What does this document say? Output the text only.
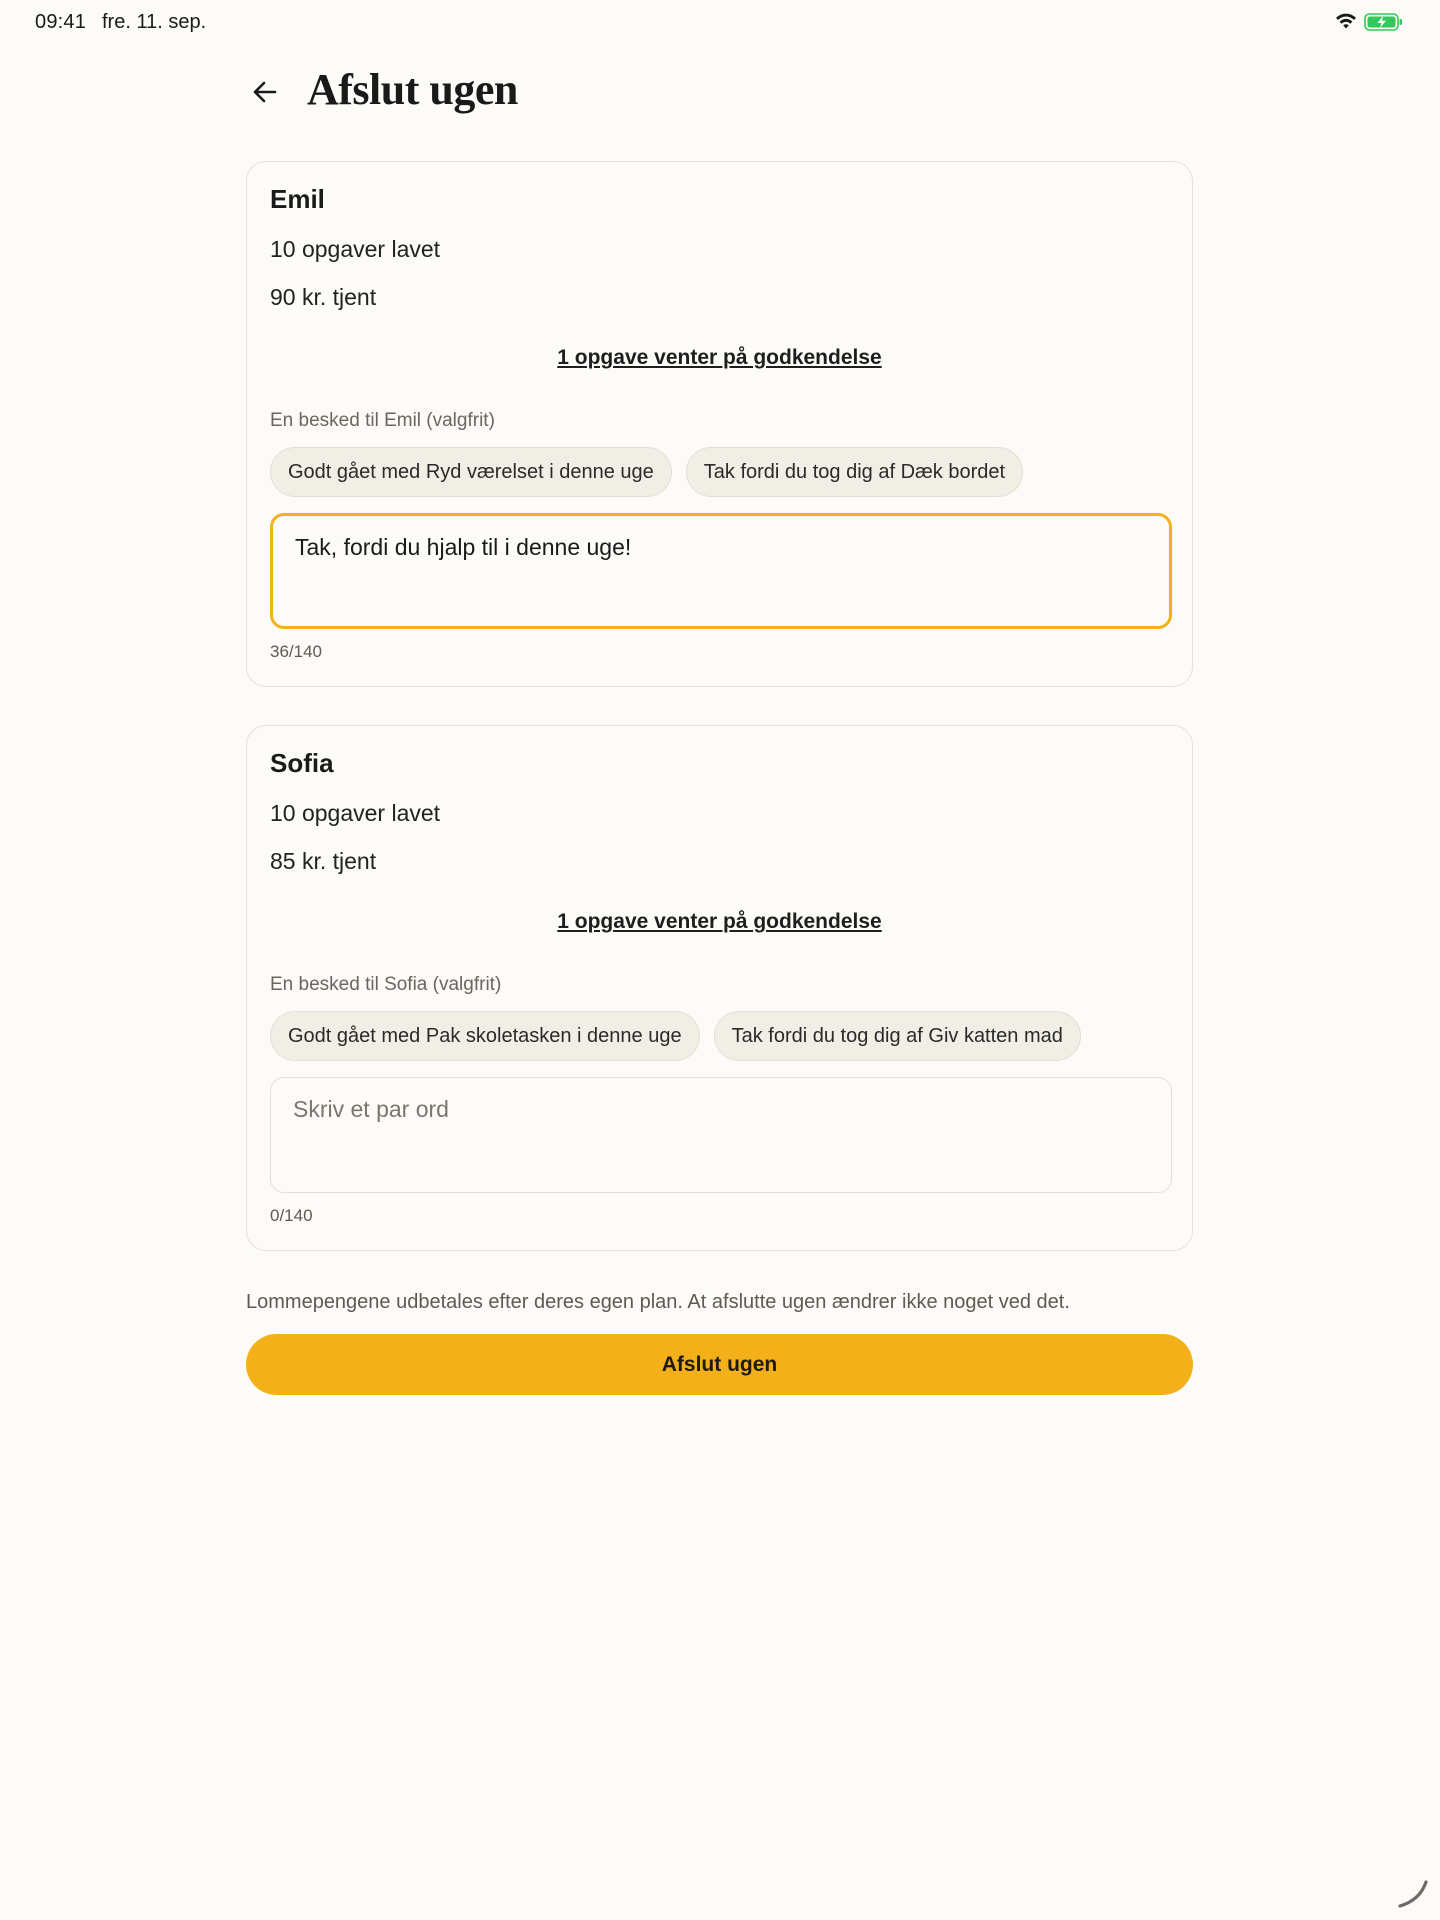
09:41 fre. 11. sep.
Afslut ugen
Emil
10 opgaver lavet
90 kr. tjent
1 opgave venter på godkendelse
En besked til Emil (valgfrit)
Godt gået med Ryd værelset i denne uge	Tak fordi du tog dig af Dæk bordet
Tak, fordi du hjalp til i denne uge!
36/140
Sofia
10 opgaver lavet
85 kr. tjent
1 opgave venter på godkendelse
En besked til Sofia (valgfrit)
Godt gået med Pak skoletasken i denne uge	Tak fordi du tog dig af Giv katten mad
Skriv et par ord
0/140
Lommepengene udbetales efter deres egen plan. At afslutte ugen ændrer ikke noget ved det.
Afslut ugen
